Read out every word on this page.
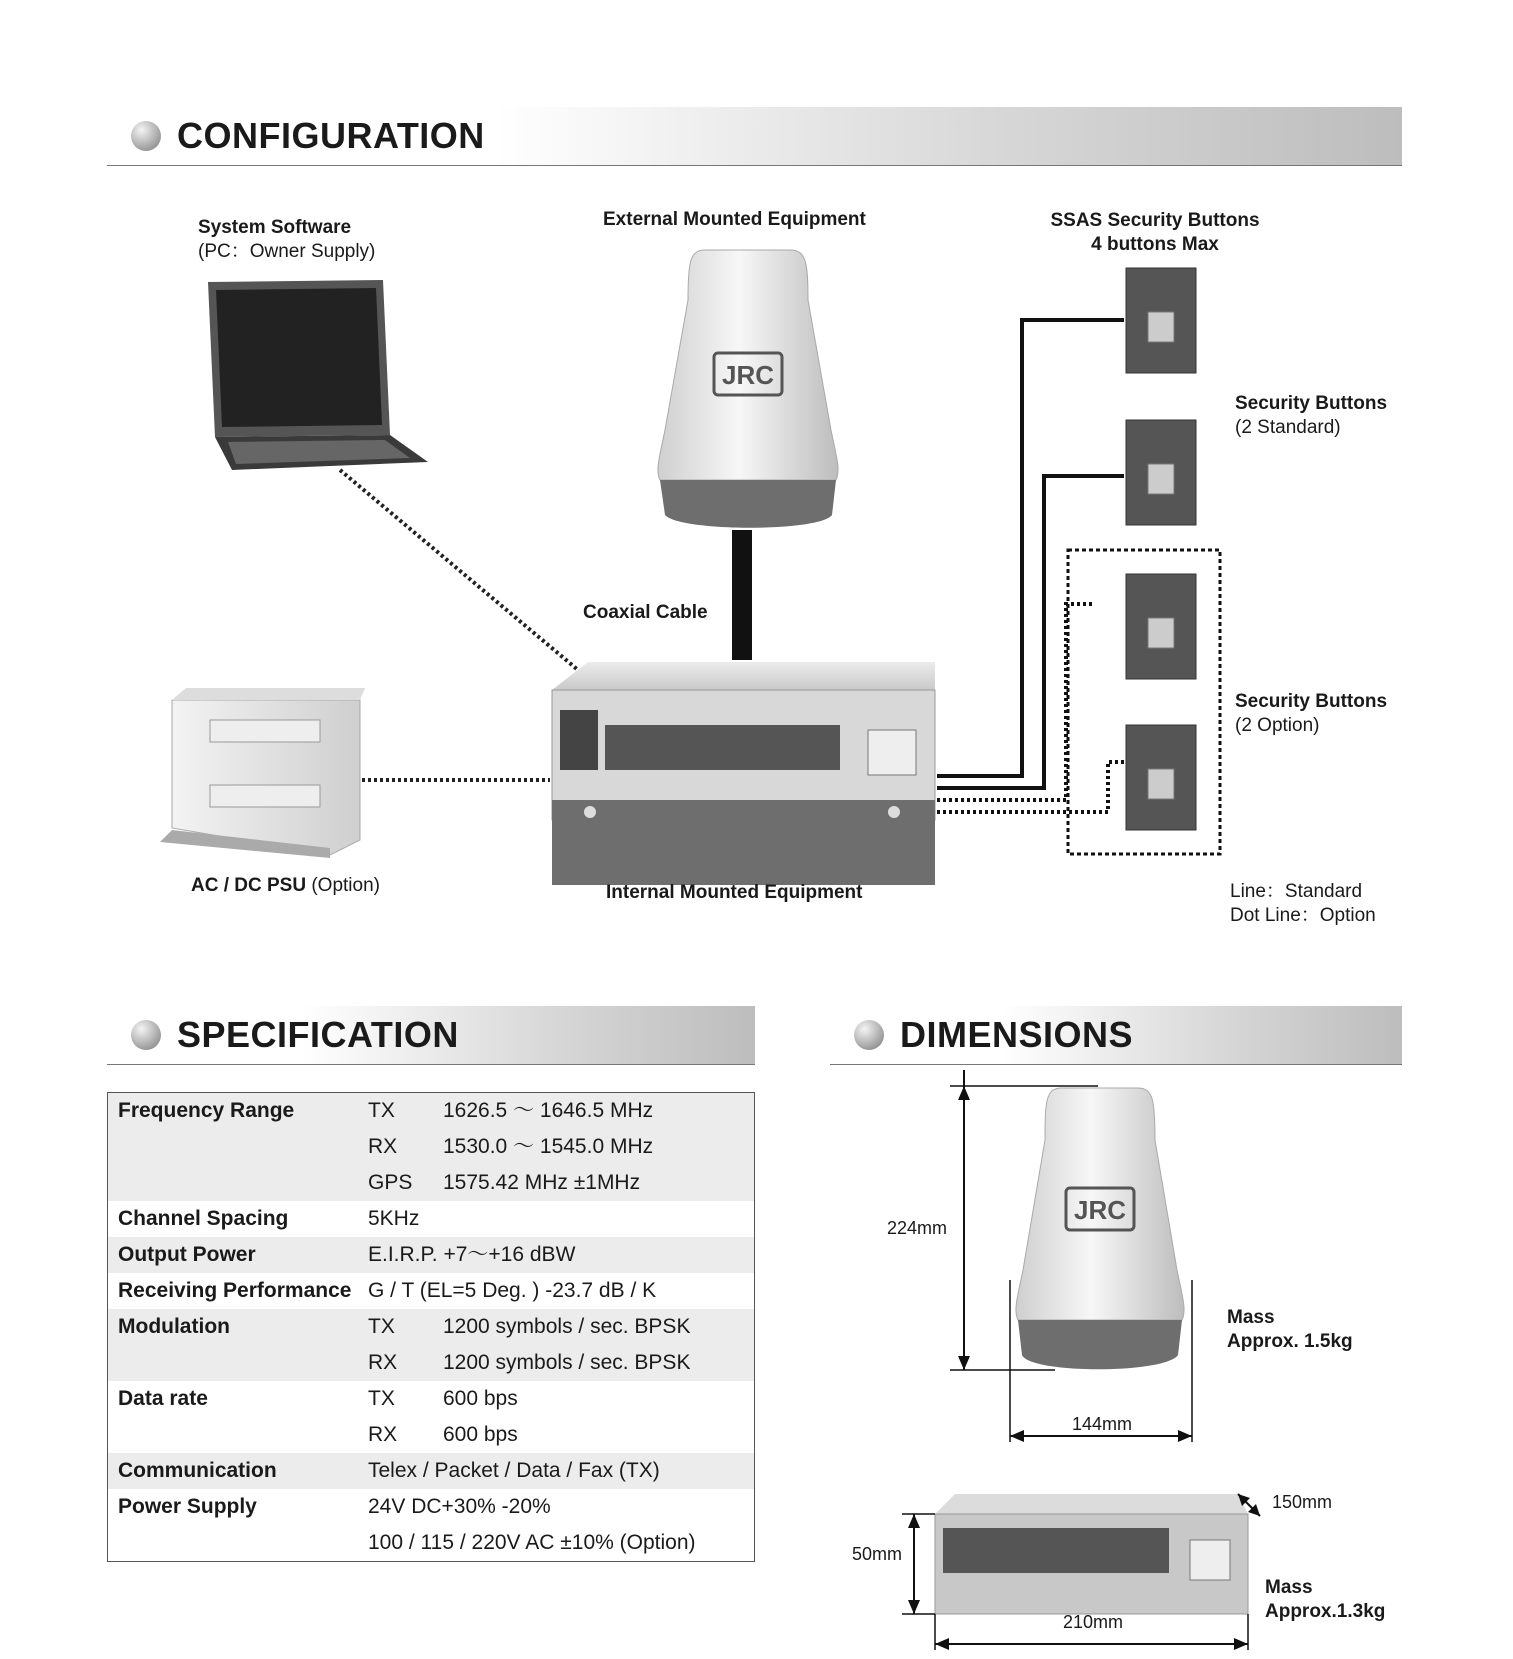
CONFIGURATION
JRC
System Software
(PC：Owner Supply)
External Mounted Equipment	SSAS Security Buttons
4 buttons Max
Security Buttons
(2 Standard)
Security Buttons
(2 Option)
Coaxial Cable
AC / DC PSU (Option)	Internal Mounted Equipment	Line：Standard
Dot Line：Option
SPECIFICATION
Frequency Range	TX 1626.5 〜 1646.5 MHz
RX 1530.0 〜 1545.0 MHz
GPS 1575.42 MHz ±1MHz

Channel Spacing	5KHz

Output Power	E.I.R.P. +7〜+16 dBW

Receiving Performance	G / T (EL=5 Deg. ) -23.7 dB / K

Modulation	TX 1200 symbols / sec. BPSK
RX 1200 symbols / sec. BPSK

Data rate	TX 600 bps
RX 600 bps

Communication	Telex / Packet / Data / Fax (TX)

Power Supply	24V DC+30% -20%
100 / 115 / 220V AC ±10% (Option)
DIMENSIONS
JRC
224mm
144mm
Mass
Approx. 1.5kg
150mm
50mm
210mm
Mass
Approx.1.3kg
